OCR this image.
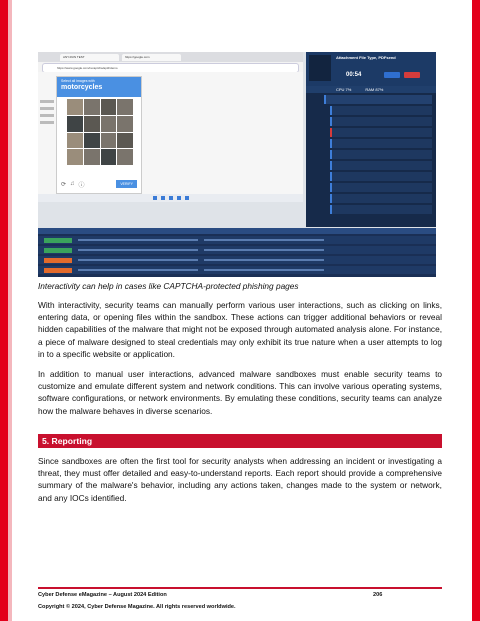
ANY.RUN TEST	https://google.com
https://www.google.com/recaptcha/api2/demo
Select all images with
motorcycles
⟳ ♫ ⓘ	VERIFY
Attachment File Type, PDFsend
00:54
CPU 7%	RAM 87%
Interactivity can help in cases like CAPTCHA-protected phishing pages

With interactivity, security teams can manually perform various user interactions, such as clicking on links, entering data, or opening files within the sandbox. These actions can trigger additional behaviors or reveal hidden capabilities of the malware that might not be exposed through automated analysis alone. For instance, a piece of malware designed to steal credentials may only exhibit its true nature when a user attempts to log in to a specific website or application.

In addition to manual user interactions, advanced malware sandboxes must enable security teams to customize and emulate different system and network conditions. This can involve various operating systems, software configurations, or network environments. By emulating these conditions, security teams can analyze how the malware behaves in diverse scenarios.

5. Reporting

Since sandboxes are often the first tool for security analysts when addressing an incident or investigating a threat, they must offer detailed and easy-to-understand reports. Each report should provide a comprehensive summary of the malware's behavior, including any actions taken, changes made to the system or network, and any IOCs identified.

Cyber Defense eMagazine – August 2024 Edition	206
Copyright © 2024, Cyber Defense Magazine. All rights reserved worldwide.
